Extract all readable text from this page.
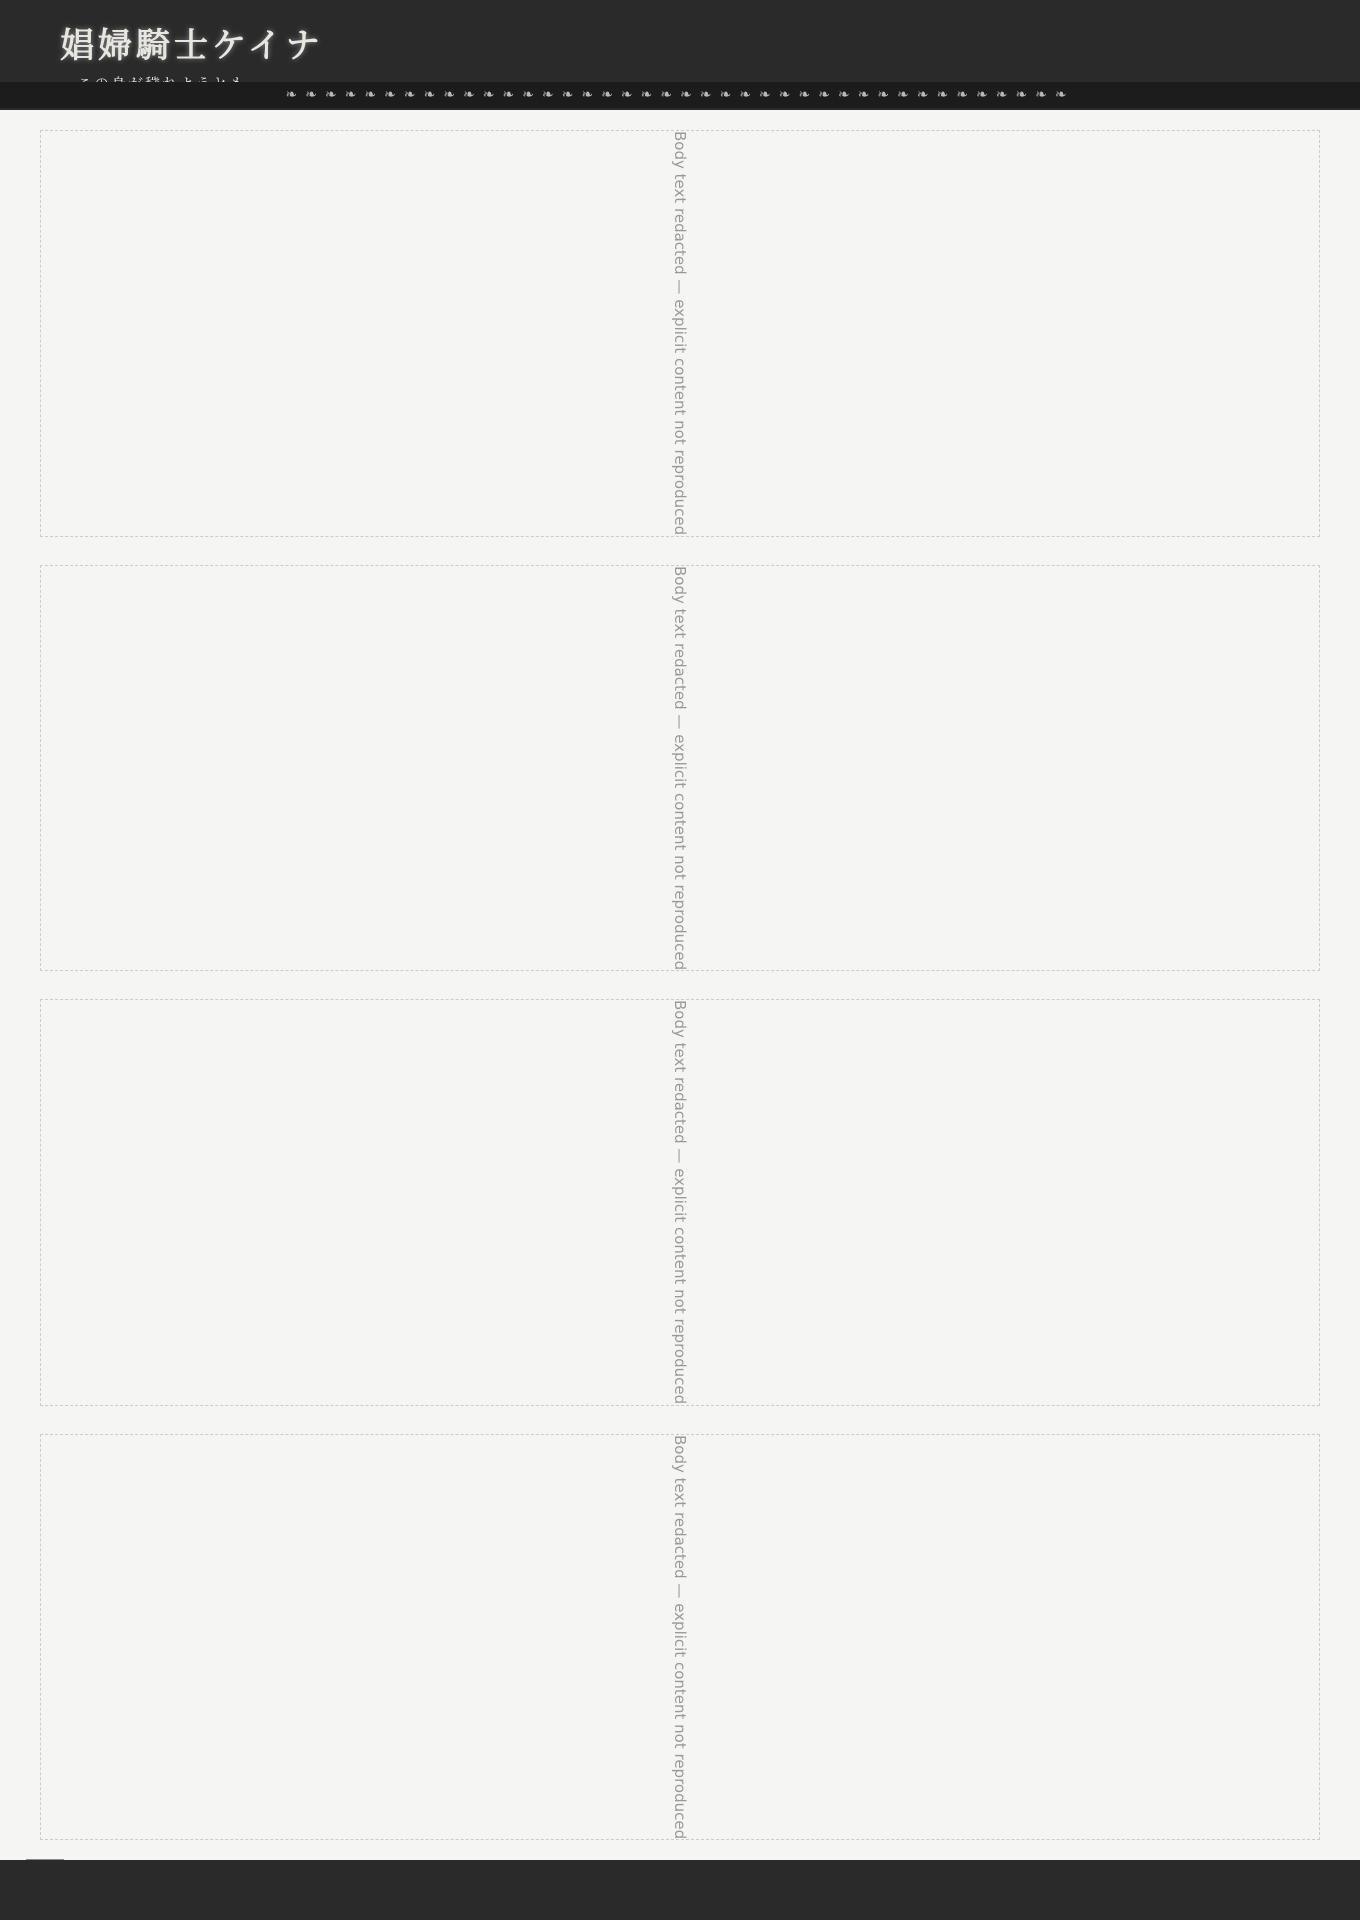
娼婦騎士ケイナ
❧❧❧❧❧❧❧❧❧❧❧❧❧❧❧❧❧❧❧❧❧❧❧❧❧❧❧❧❧❧❧❧❧❧❧❧❧❧❧❧
Body text redacted — explicit content not reproduced
Body text redacted — explicit content not reproduced
Body text redacted — explicit content not reproduced
Body text redacted — explicit content not reproduced
